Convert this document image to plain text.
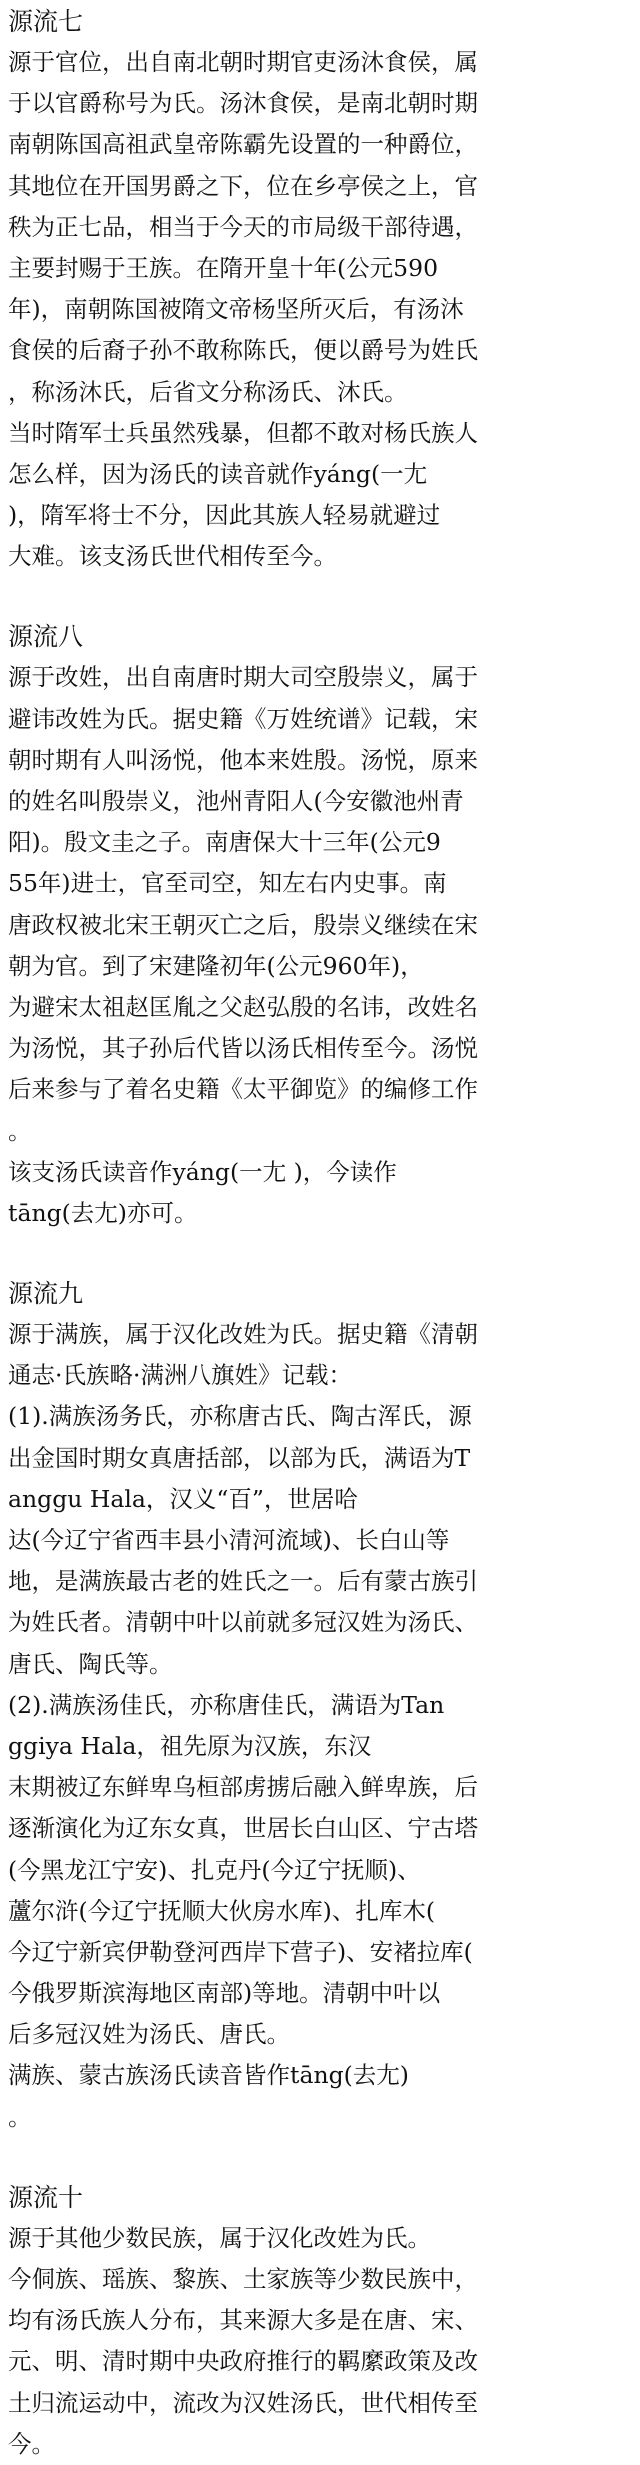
源流七
源于官位，出自南北朝时期官吏汤沐食侯，属
于以官爵称号为氏。汤沐食侯，是南北朝时期
南朝陈国高祖武皇帝陈霸先设置的一种爵位，
其地位在开国男爵之下，位在乡亭侯之上，官
秩为正七品，相当于今天的市局级干部待遇，
主要封赐于王族。在隋开皇十年(公元590
年)，南朝陈国被隋文帝杨坚所灭后，有汤沐
食侯的后裔子孙不敢称陈氏，便以爵号为姓氏
，称汤沐氏，后省文分称汤氏、沐氏。
当时隋军士兵虽然残暴，但都不敢对杨氏族人
怎么样，因为汤氏的读音就作yáng(一尢
)，隋军将士不分，因此其族人轻易就避过
大难。该支汤氏世代相传至今。
源流八
源于改姓，出自南唐时期大司空殷崇义，属于
避讳改姓为氏。据史籍《万姓统谱》记载，宋
朝时期有人叫汤悦，他本来姓殷。汤悦，原来
的姓名叫殷崇义，池州青阳人(今安徽池州青
阳)。殷文圭之子。南唐保大十三年(公元9
55年)进士，官至司空，知左右内史事。南
唐政权被北宋王朝灭亡之后，殷崇义继续在宋
朝为官。到了宋建隆初年(公元960年)，
为避宋太祖赵匡胤之父赵弘殷的名讳，改姓名
为汤悦，其子孙后代皆以汤氏相传至今。汤悦
后来参与了着名史籍《太平御览》的编修工作
。
该支汤氏读音作yáng(一尢 )，今读作
tāng(去尢)亦可。
源流九
源于满族，属于汉化改姓为氏。据史籍《清朝
通志·氏族略·满洲八旗姓》记载：
(1).满族汤务氏，亦称唐古氏、陶古浑氏，源
出金国时期女真唐括部，以部为氏，满语为T
anggu Hala，汉义“百”，世居哈
达(今辽宁省西丰县小清河流域)、长白山等
地，是满族最古老的姓氏之一。后有蒙古族引
为姓氏者。清朝中叶以前就多冠汉姓为汤氏、
唐氏、陶氏等。
(2).满族汤佳氏，亦称唐佳氏，满语为Tan
ggiya Hala，祖先原为汉族，东汉
末期被辽东鲜卑乌桓部虏掳后融入鲜卑族，后
逐渐演化为辽东女真，世居长白山区、宁古塔
(今黑龙江宁安)、扎克丹(今辽宁抚顺)、
蘆尔浒(今辽宁抚顺大伙房水库)、扎库木(
今辽宁新宾伊勒登河西岸下营子)、安褚拉库(
今俄罗斯滨海地区南部)等地。清朝中叶以
后多冠汉姓为汤氏、唐氏。
满族、蒙古族汤氏读音皆作tāng(去尢)
。
源流十
源于其他少数民族，属于汉化改姓为氏。
今侗族、瑶族、黎族、土家族等少数民族中，
均有汤氏族人分布，其来源大多是在唐、宋、
元、明、清时期中央政府推行的羁縻政策及改
土归流运动中，流改为汉姓汤氏，世代相传至
今。
